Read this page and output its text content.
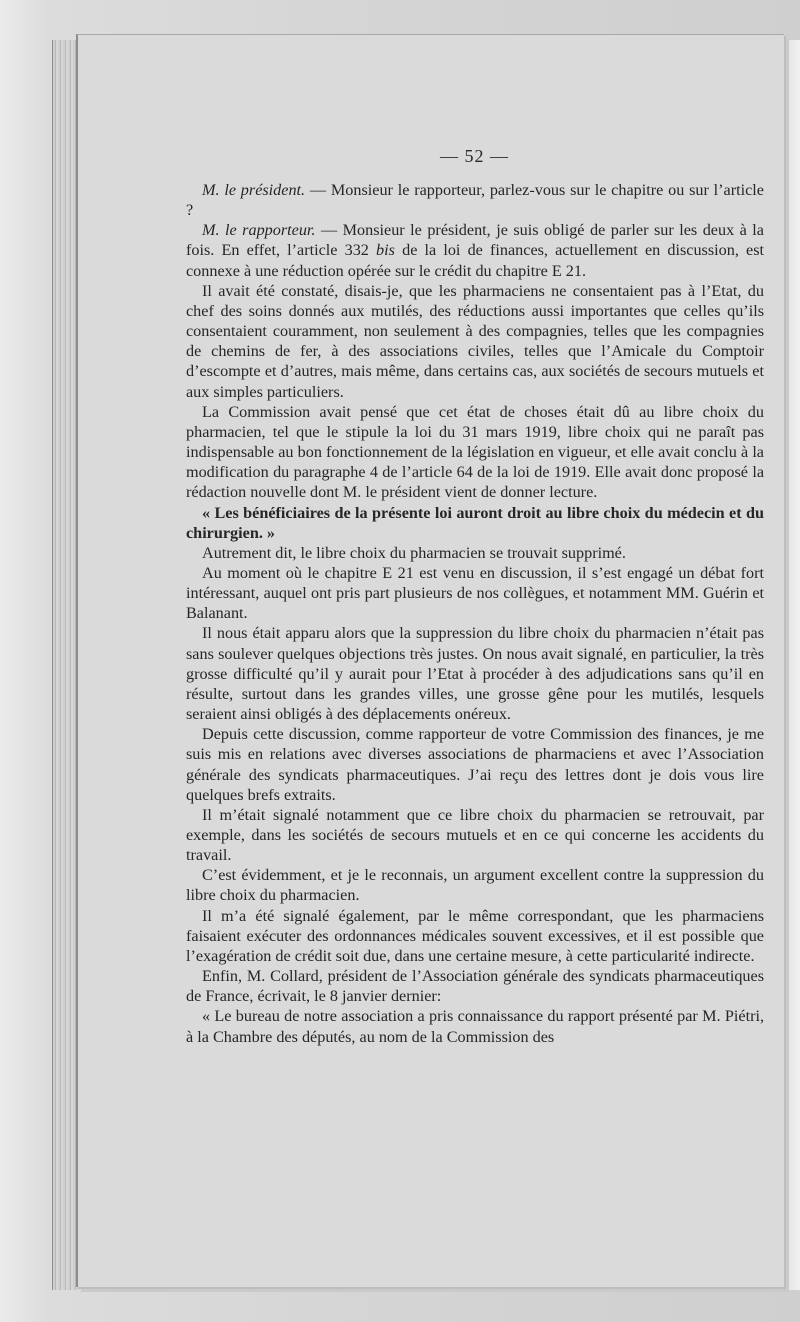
— 52 —

M. le président. — Monsieur le rapporteur, parlez-vous sur le chapitre ou sur l’article ?

M. le rapporteur. — Monsieur le président, je suis obligé de parler sur les deux à la fois. En effet, l’article 332 bis de la loi de finances, actuellement en discussion, est connexe à une réduction opérée sur le crédit du chapitre E 21.

Il avait été constaté, disais-je, que les pharmaciens ne consentaient pas à l’Etat, du chef des soins donnés aux mutilés, des réductions aussi importantes que celles qu’ils consentaient couramment, non seulement à des compagnies, telles que les compagnies de chemins de fer, à des associations civiles, telles que l’Amicale du Comptoir d’escompte et d’autres, mais même, dans certains cas, aux sociétés de secours mutuels et aux simples particuliers.

La Commission avait pensé que cet état de choses était dû au libre choix du pharmacien, tel que le stipule la loi du 31 mars 1919, libre choix qui ne paraît pas indispensable au bon fonctionnement de la législation en vigueur, et elle avait conclu à la modification du paragraphe 4 de l’article 64 de la loi de 1919. Elle avait donc proposé la rédaction nouvelle dont M. le président vient de donner lecture.

« Les bénéficiaires de la présente loi auront droit au libre choix du médecin et du chirurgien. »

Autrement dit, le libre choix du pharmacien se trouvait supprimé.

Au moment où le chapitre E 21 est venu en discussion, il s’est engagé un débat fort intéressant, auquel ont pris part plusieurs de nos collègues, et notamment MM. Guérin et Balanant.

Il nous était apparu alors que la suppression du libre choix du pharmacien n’était pas sans soulever quelques objections très justes. On nous avait signalé, en particulier, la très grosse difficulté qu’il y aurait pour l’Etat à procéder à des adjudications sans qu’il en résulte, surtout dans les grandes villes, une grosse gêne pour les mutilés, lesquels seraient ainsi obligés à des déplacements onéreux.

Depuis cette discussion, comme rapporteur de votre Commission des finances, je me suis mis en relations avec diverses associations de pharmaciens et avec l’Association générale des syndicats pharmaceutiques. J’ai reçu des lettres dont je dois vous lire quelques brefs extraits.

Il m’était signalé notamment que ce libre choix du pharmacien se retrouvait, par exemple, dans les sociétés de secours mutuels et en ce qui concerne les accidents du travail.

C’est évidemment, et je le reconnais, un argument excellent contre la suppression du libre choix du pharmacien.

Il m’a été signalé également, par le même correspondant, que les pharmaciens faisaient exécuter des ordonnances médicales souvent excessives, et il est possible que l’exagération de crédit soit due, dans une certaine mesure, à cette particularité indirecte.

Enfin, M. Collard, président de l’Association générale des syndicats pharmaceutiques de France, écrivait, le 8 janvier dernier:

« Le bureau de notre association a pris connaissance du rapport présenté par M. Piétri, à la Chambre des députés, au nom de la Commission des
